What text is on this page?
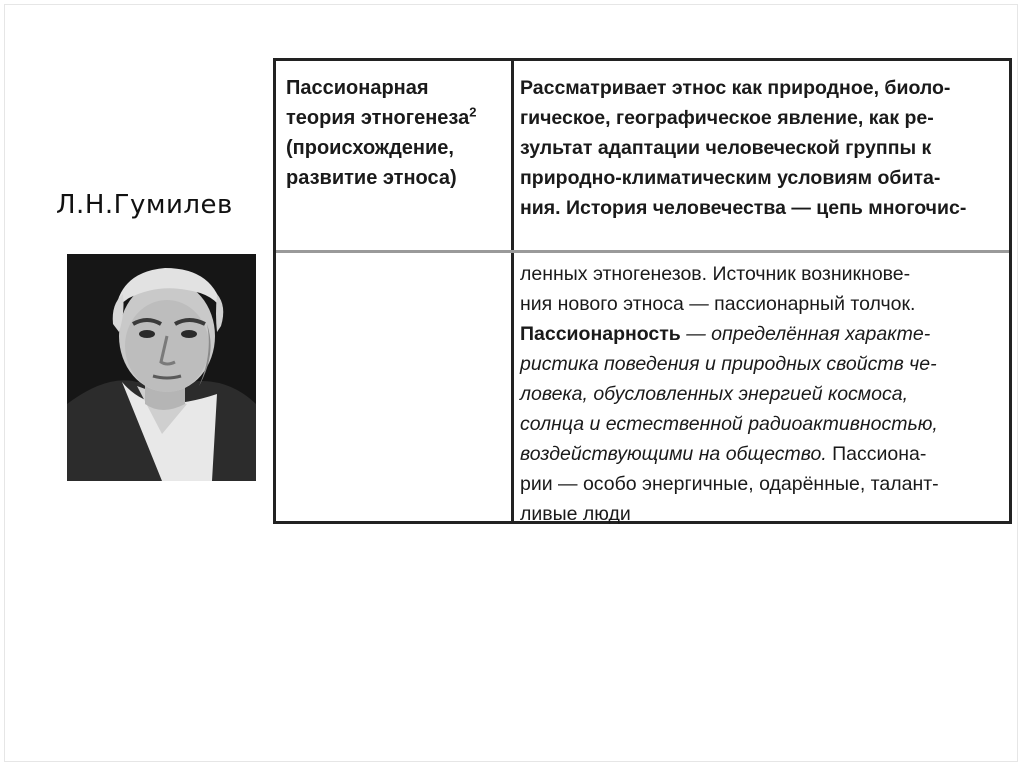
Л.Н.Гумилев
Пассионарная
теория этногенеза$^2$
(происхождение,
развитие этноса)
Рассматривает этнос как природное, биоло-
гическое, географическое явление, как ре-
зультат адаптации человеческой группы к
природно-климатическим условиям обита-
ния. История человечества — цепь многочис-
ленных этногенезов. Источник возникнове-
ния нового этноса — пассионарный толчок.
Пассионарность — определённая характе-
ристика поведения и природных свойств че-
ловека, обусловленных энергией космоса,
солнца и естественной радиоактивностью,
воздействующими на общество. Пассиона-
рии — особо энергичные, одарённые, талант-
ливые люди
